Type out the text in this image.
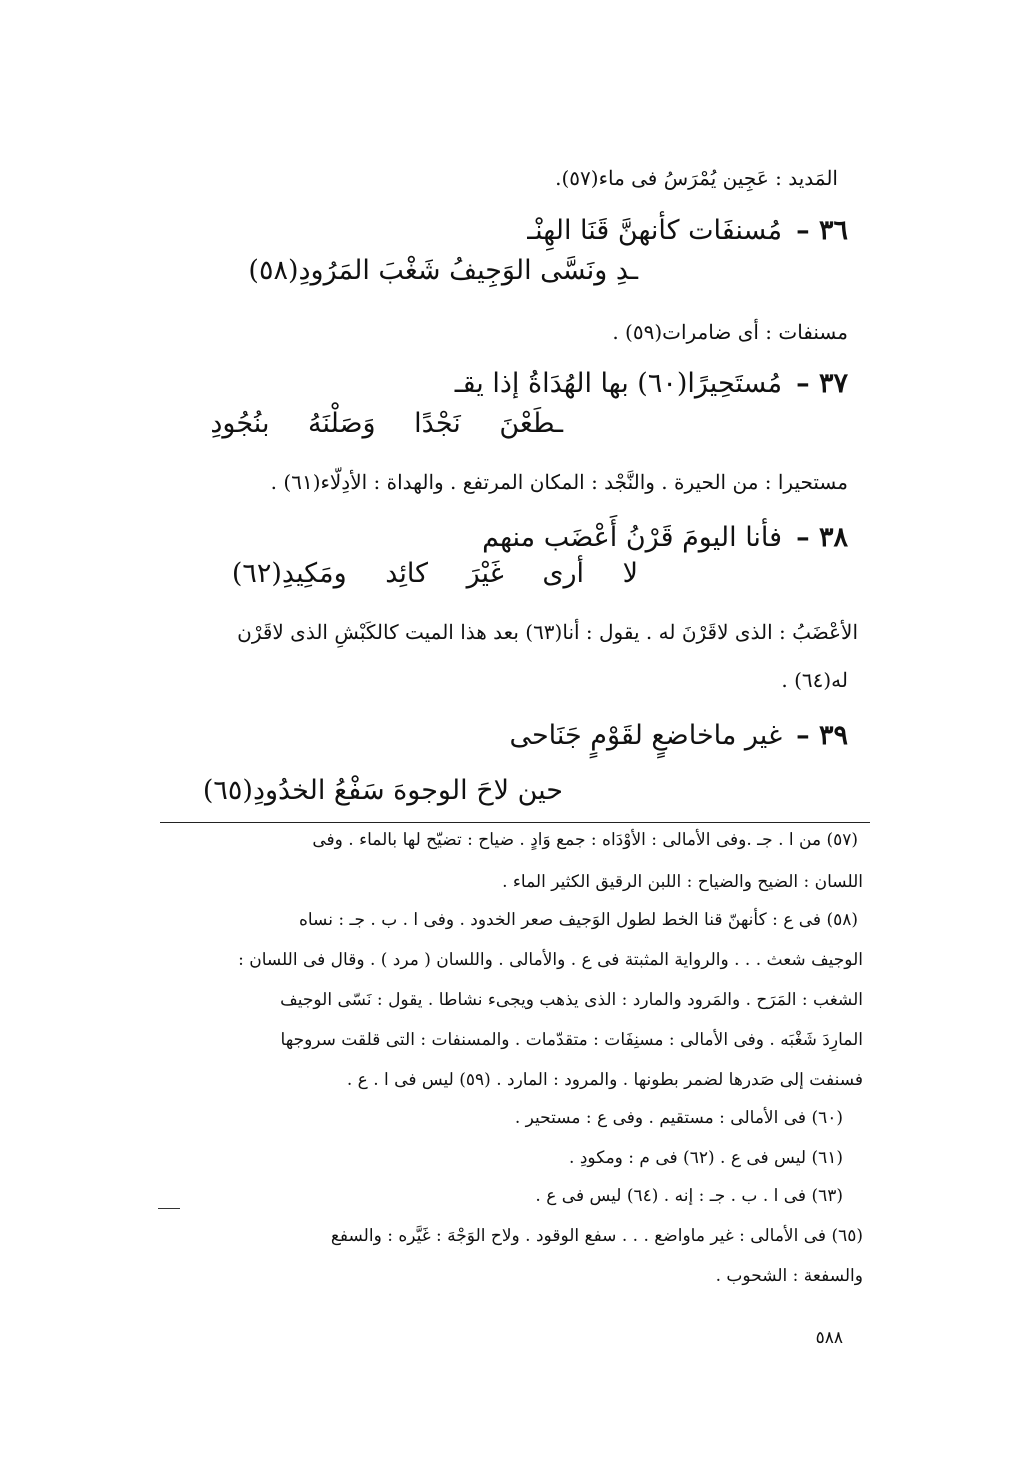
المَديد : عَجِين يُمْرَسُ فى ماء(٥٧).
٣٦ –مُسنفَات كأنهنَّ قَنَا الهِنْـ
ـدِ ونَسَّى الوَجِيفُ شَغْبَ المَرُودِ(٥٨)
مسنفات : أى ضامرات(٥٩) .
٣٧ –مُستَحِيرًا(٦٠) بها الهُدَاةُ إذا يقـ
ـطَعْنَ نَجْدًا وَصَلْنَهُ بنُجُودِ
مستحيرا : من الحيرة . والنَّجْد : المكان المرتفع . والهداة : الأدِلّاء(٦١) .
٣٨ –فأنا اليومَ قَرْنُ أَعْضَب منهم
لا أرى غَيْرَ كائِد ومَكِيدِ(٦٢)
الأعْضَبُ : الذى لاقَرْنَ له . يقول : أنا(٦٣) بعد هذا الميت كالكَبْشِ الذى لاقَرْن
له(٦٤) .
٣٩ –غير ماخاضعٍ لقَوْمٍ جَنَاحى
حين لاحَ الوجوهَ سَفْعُ الخدُودِ(٦٥)
(٥٧) من ا . جـ .وفى الأمالى : الأوْدَاه : جمع وَادٍ . ضياح : تضيّح لها بالماء . وفى
اللسان : الضيح والضياح : اللبن الرقيق الكثير الماء .
(٥٨) فى ع : كأنهنّ قنا الخط لطول الوَجيف صعر الخدود . وفى ا . ب . جـ : نساه
الوجيف شعث . . . والرواية المثبتة فى ع . والأمالى . واللسان ( مرد ) . وقال فى اللسان :
الشغب : المَرَح . والمَرود والمارد : الذى يذهب ويجىء نشاطا . يقول : نَسّى الوجيف
المارِدَ شَغْبَه . وفى الأمالى : مسنِفَات : متقدّمات . والمسنفات : التى قلقت سروجها
فسنفت إلى صَدرها لضمر بطونها . والمرود : المارد . (٥٩) ليس فى ا . ع .
(٦٠) فى الأمالى : مستقيم . وفى ع : مستحير .
(٦١) ليس فى ع . (٦٢) فى م : ومكودِ .
(٦٣) فى ا . ب . جـ : إنه . (٦٤) ليس فى ع .
(٦٥) فى الأمالى : غير ماواضع . . . سفع الوقود . ولاح الوَجْهَ : غَيَّره : والسفع
والسفعة : الشحوب .
٥٨٨
